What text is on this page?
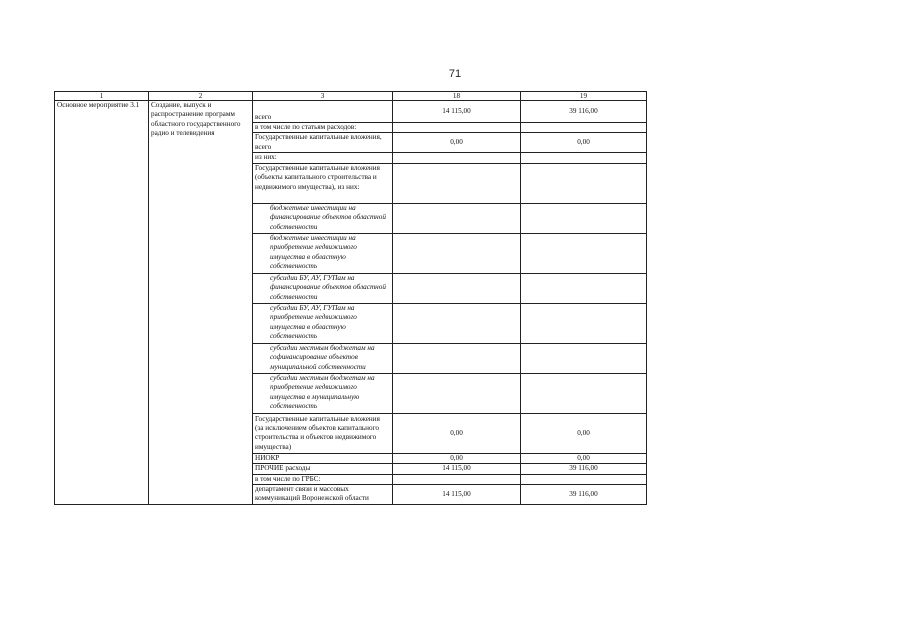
71
1	2	3	18	19
Основное мероприятие 3.1	Создание, выпуск и распространение программ областного государственного радио и телевидения	всего	14 115,00	39 116,00
		в том числе по статьям расходов:		
		Государственные капитальные вложения, всего	0,00	0,00
		из них:		
		Государственные капитальные вложения (объекты капитального строительства и недвижимого имущества), из них:		
		бюджетные инвестиции на финансирование объектов областной собственности		
		бюджетные инвестиции на приобретение недвижимого имущества в областную собственность		
		субсидии БУ, АУ, ГУПам на финансирование объектов областной собственности		
		субсидии БУ, АУ, ГУПам на приобретение недвижимого имущества в областную собственность		
		субсидии местным бюджетам на софинансирование объектов муниципальной собственности		
		субсидии местным бюджетам на приобретение недвижимого имущества в муниципальную собственность		
		Государственные капитальные вложения (за исключением объектов капитального строительства и объектов недвижимого имущества)	0,00	0,00
		НИОКР	0,00	0,00
		ПРОЧИЕ расходы	14 115,00	39 116,00
		в том числе по ГРБС:		
		департамент связи и массовых коммуникаций Воронежской области	14 115,00	39 116,00
